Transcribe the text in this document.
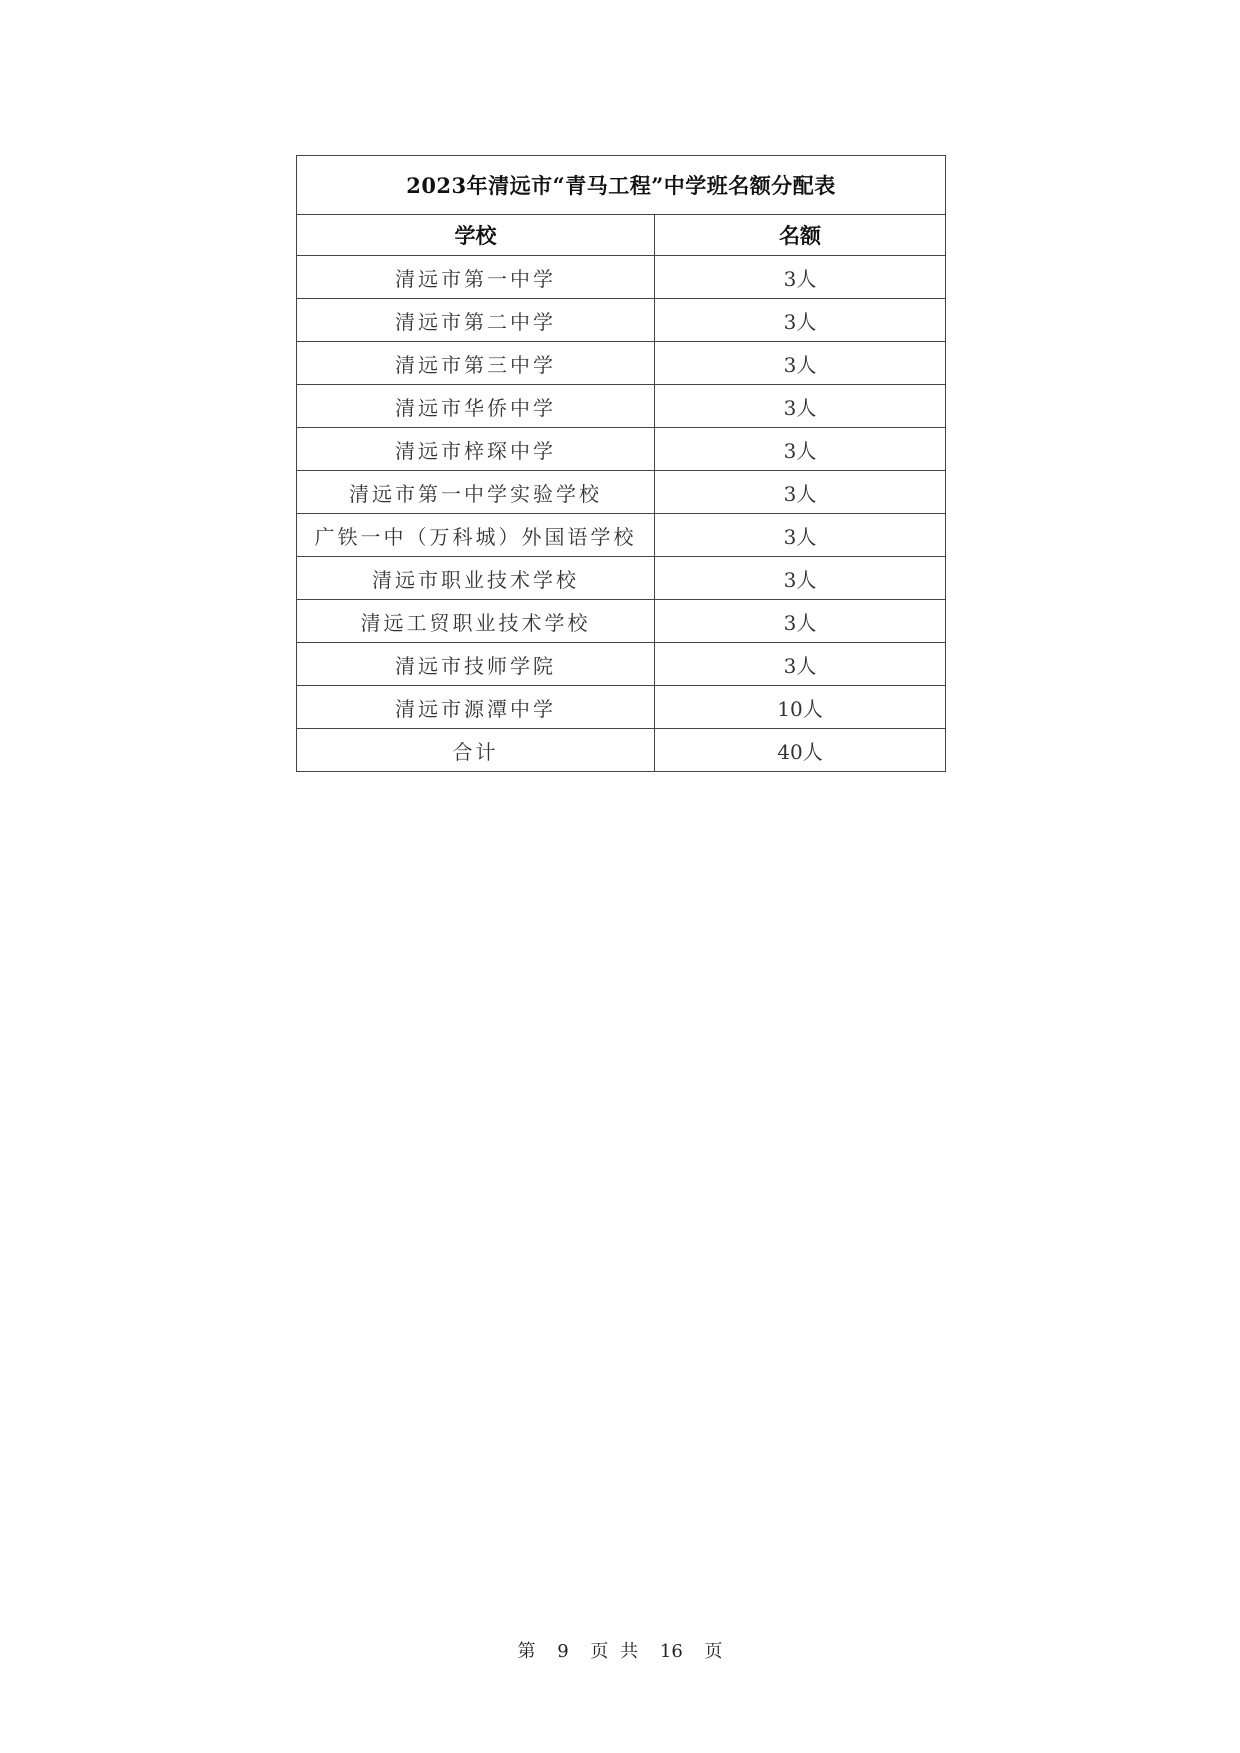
2023年清远市“青马工程”中学班名额分配表	
学校	名额
清远市第一中学	3人
清远市第二中学	3人
清远市第三中学	3人
清远市华侨中学	3人
清远市梓琛中学	3人
清远市第一中学实验学校	3人
广铁一中（万科城）外国语学校	3人
清远市职业技术学校	3人
清远工贸职业技术学校	3人
清远市技师学院	3人
清远市源潭中学	10人
合计	40人
第 9 页 共 16 页
